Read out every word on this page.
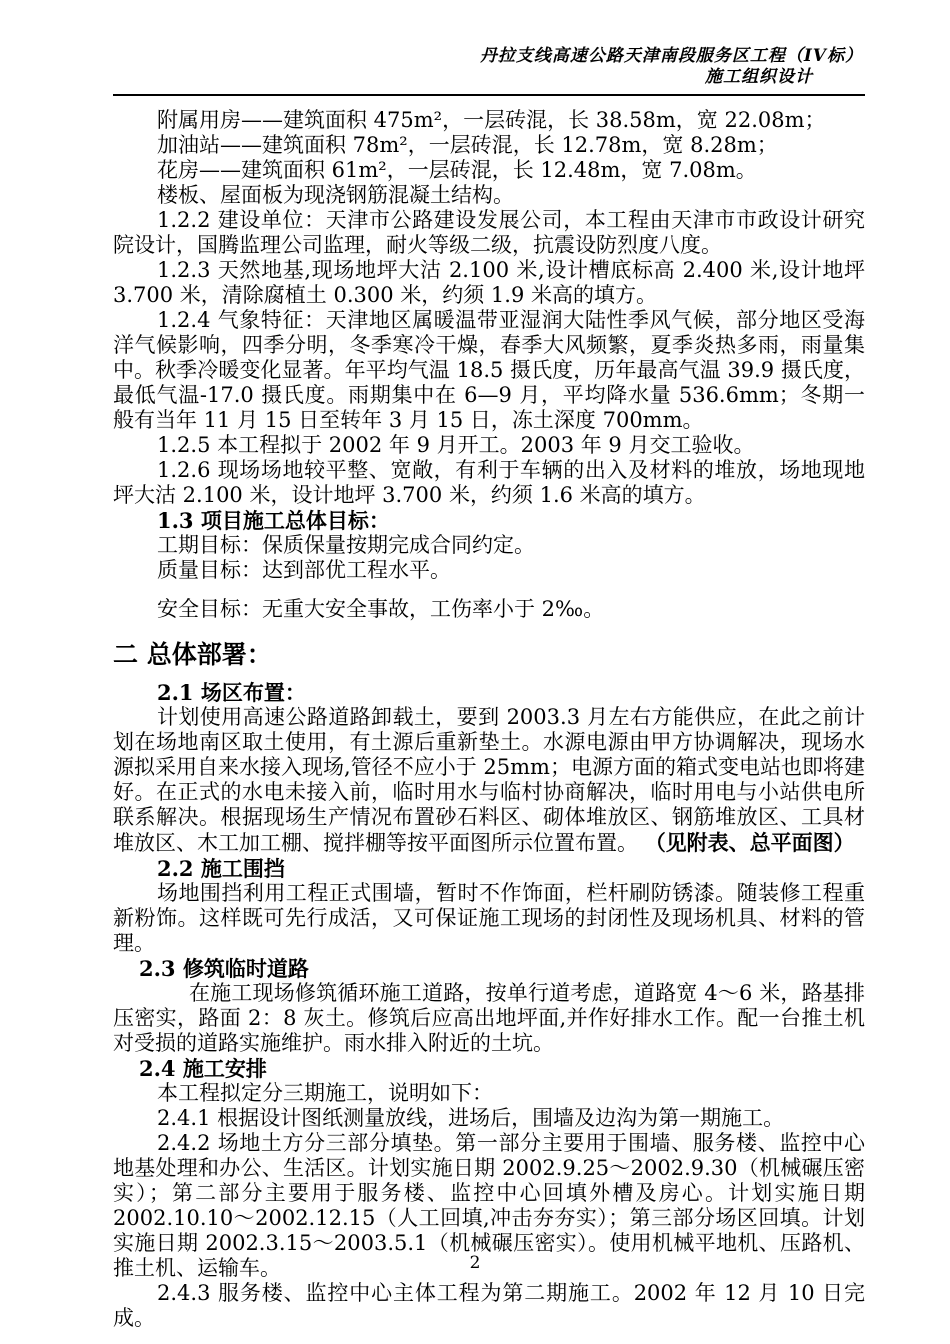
丹拉支线高速公路天津南段服务区工程（IV标）
施工组织设计

附属用房——建筑面积 475m²，一层砖混，长 38.58m，宽 22.08m；

加油站——建筑面积 78m²，一层砖混，长 12.78m，宽 8.28m；

花房——建筑面积 61m²，一层砖混，长 12.48m，宽 7.08m。

楼板、屋面板为现浇钢筋混凝土结构。

1.2.2 建设单位：天津市公路建设发展公司，本工程由天津市市政设计研究院设计，国腾监理公司监理，耐火等级二级，抗震设防烈度八度。

1.2.3 天然地基,现场地坪大沽 2.100 米,设计槽底标高 2.400 米,设计地坪 3.700 米，清除腐植土 0.300 米，约须 1.9 米高的填方。

1.2.4 气象特征：天津地区属暖温带亚湿润大陆性季风气候，部分地区受海洋气候影响，四季分明，冬季寒冷干燥，春季大风频繁，夏季炎热多雨，雨量集中。秋季冷暖变化显著。年平均气温 18.5 摄氏度，历年最高气温 39.9 摄氏度，最低气温-17.0 摄氏度。雨期集中在 6—9 月，平均降水量 536.6mm；冬期一般有当年 11 月 15 日至转年 3 月 15 日，冻土深度 700mm。

1.2.5 本工程拟于 2002 年 9 月开工。2003 年 9 月交工验收。

1.2.6 现场场地较平整、宽敞，有利于车辆的出入及材料的堆放，场地现地坪大沽 2.100 米，设计地坪 3.700 米，约须 1.6 米高的填方。

1.3 项目施工总体目标：

工期目标：保质保量按期完成合同约定。

质量目标：达到部优工程水平。

安全目标：无重大安全事故，工伤率小于 2‰。

二 总体部署：

2.1 场区布置：

计划使用高速公路道路卸载土，要到 2003.3 月左右方能供应，在此之前计划在场地南区取土使用，有土源后重新垫土。水源电源由甲方协调解决，现场水源拟采用自来水接入现场,管径不应小于 25mm；电源方面的箱式变电站也即将建好。在正式的水电未接入前，临时用水与临村协商解决，临时用电与小站供电所联系解决。根据现场生产情况布置砂石料区、砌体堆放区、钢筋堆放区、工具材堆放区、木工加工棚、搅拌棚等按平面图所示位置布置。 （见附表、总平面图）

2.2 施工围挡

场地围挡利用工程正式围墙，暂时不作饰面，栏杆刷防锈漆。随装修工程重新粉饰。这样既可先行成活，又可保证施工现场的封闭性及现场机具、材料的管理。

2.3 修筑临时道路

在施工现场修筑循环施工道路，按单行道考虑，道路宽 4～6 米，路基排压密实，路面 2：8 灰土。修筑后应高出地坪面,并作好排水工作。配一台推土机对受损的道路实施维护。雨水排入附近的土坑。

2.4 施工安排

本工程拟定分三期施工，说明如下：

2.4.1 根据设计图纸测量放线，进场后，围墙及边沟为第一期施工。

2.4.2 场地土方分三部分填垫。第一部分主要用于围墙、服务楼、监控中心地基处理和办公、生活区。计划实施日期 2002.9.25～2002.9.30（机械碾压密实）；第二部分主要用于服务楼、监控中心回填外槽及房心。计划实施日期 2002.10.10～2002.12.15（人工回填,冲击夯夯实）；第三部分场区回填。计划实施日期 2002.3.15～2003.5.1（机械碾压密实）。使用机械平地机、压路机、推土机、运输车。

2.4.3 服务楼、监控中心主体工程为第二期施工。2002 年 12 月 10 日完成。

2
